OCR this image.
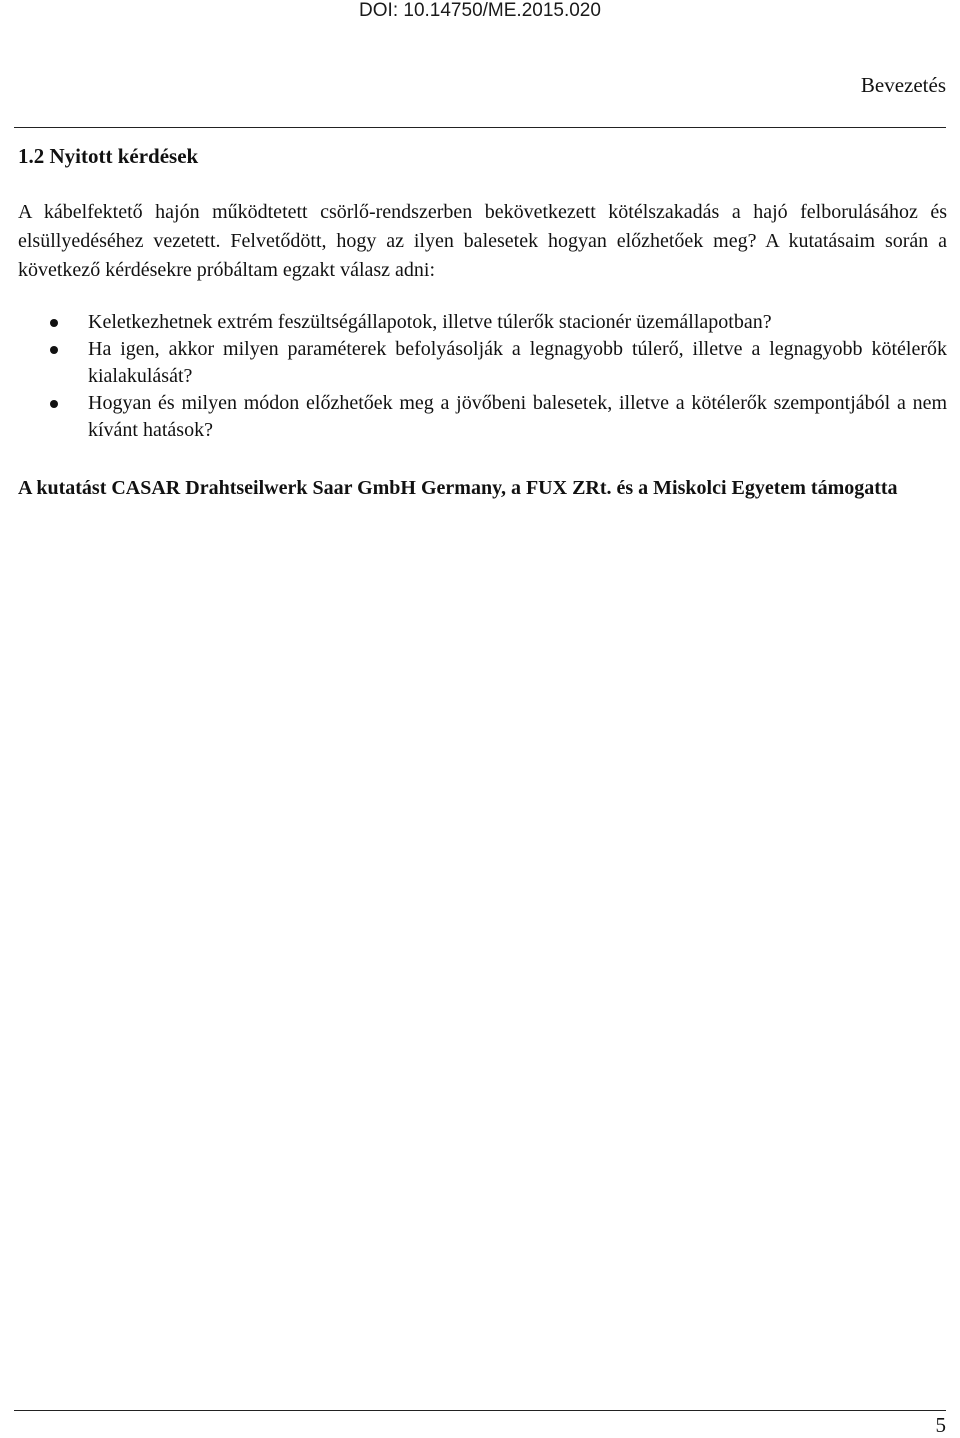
DOI: 10.14750/ME.2015.020
Bevezetés
1.2 Nyitott kérdések

A kábelfektető hajón működtetett csörlő-rendszerben bekövetkezett kötélszakadás a hajó felborulásához és elsüllyedéséhez vezetett. Felvetődött, hogy az ilyen balesetek hogyan előzhetőek meg? A kutatásaim során a következő kérdésekre próbáltam egzakt válasz adni:

Keletkezhetnek extrém feszültségállapotok, illetve túlerők stacionér üzemállapotban?
Ha igen, akkor milyen paraméterek befolyásolják a legnagyobb túlerő, illetve a legnagyobb kötélerők kialakulását?
Hogyan és milyen módon előzhetőek meg a jövőbeni balesetek, illetve a kötélerők szempontjából a nem kívánt hatások?

A kutatást CASAR Drahtseilwerk Saar GmbH Germany, a FUX ZRt. és a Miskolci Egyetem támogatta

5
